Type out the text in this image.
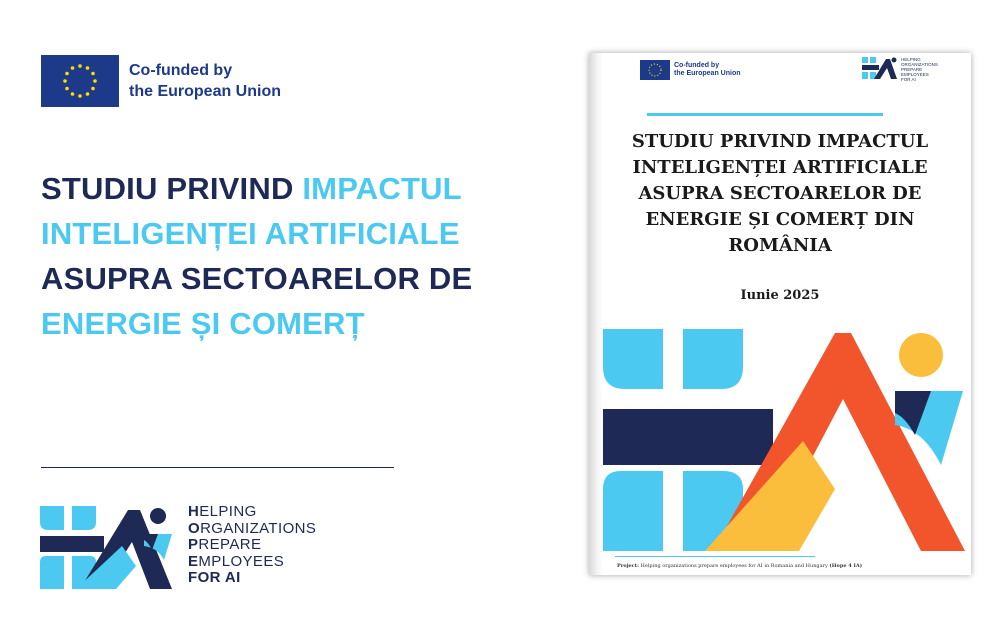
Co-funded by
the European Union
STUDIU PRIVIND IMPACTUL
INTELIGENȚEI ARTIFICIALE
ASUPRA SECTOARELOR DE
ENERGIE ȘI COMERȚ
HELPING
ORGANIZATIONS
PREPARE
EMPLOYEES
FOR AI
Co-funded by
the European Union
HELPING
ORGANIZATIONS
PREPARE
EMPLOYEES
FOR AI
STUDIU PRIVIND IMPACTUL
INTELIGENȚEI ARTIFICIALE
ASUPRA SECTOARELOR DE
ENERGIE ȘI COMERȚ DIN
ROMÂNIA
Iunie 2025
Project: Helping organizations prepare employees for AI in Romania and Hungary (Hope 4 IA)
